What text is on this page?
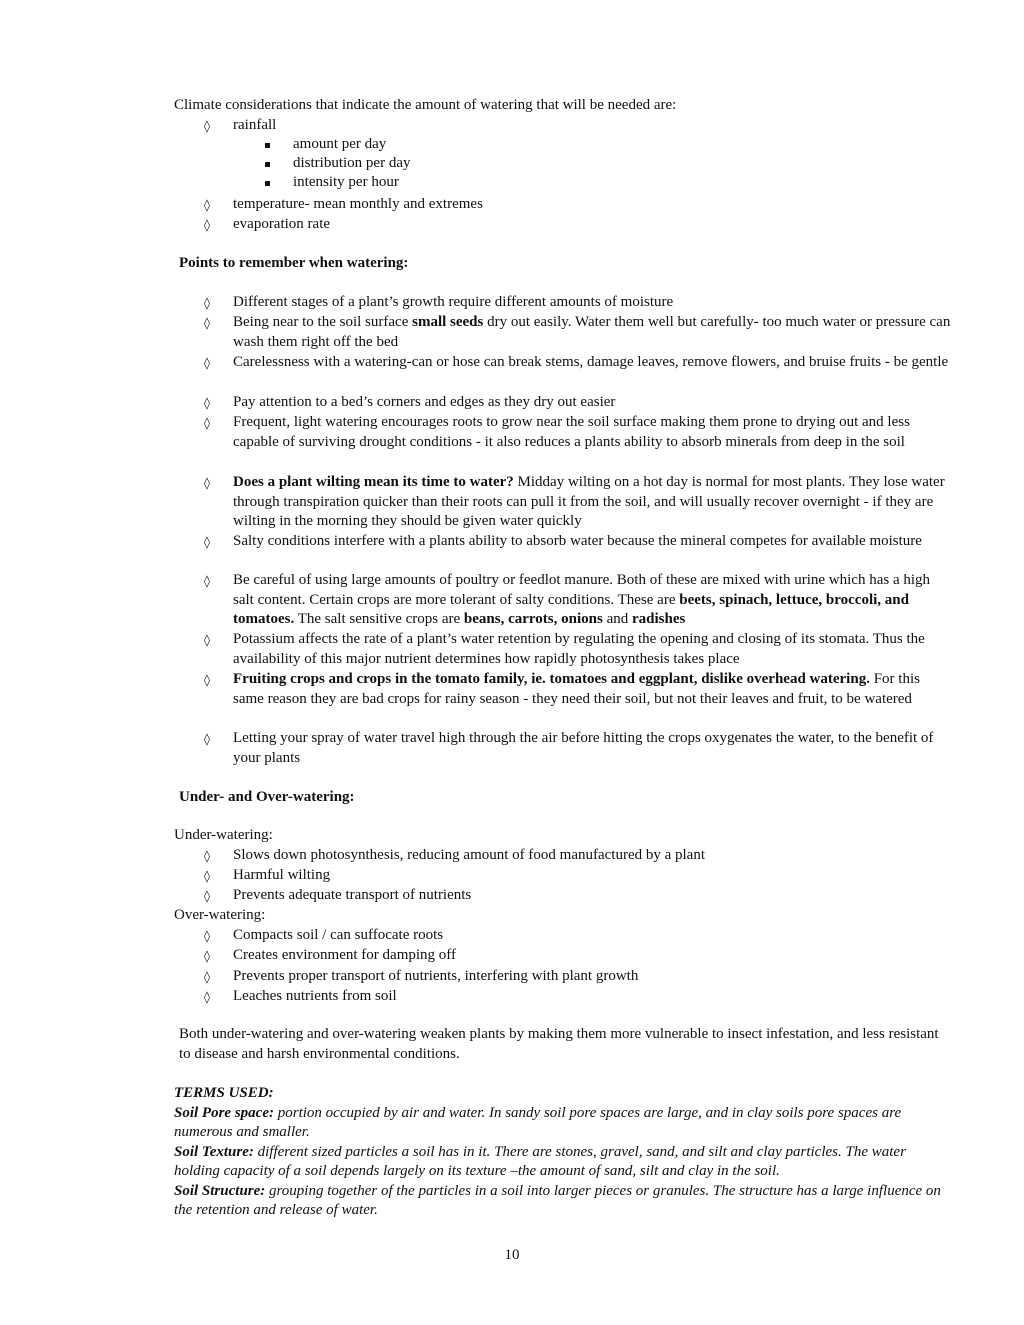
Climate considerations that indicate the amount of watering that will be needed are:
◊ rainfall
amount per day
distribution per day
intensity per hour
◊ temperature- mean monthly and extremes
◊ evaporation rate
Points to remember when watering:
◊ Different stages of a plant’s growth require different amounts of moisture
◊ Being near to the soil surface small seeds dry out easily. Water them well but carefully- too much water or pressure can wash them right off the bed
◊ Carelessness with a watering-can or hose can break stems, damage leaves, remove flowers, and bruise fruits - be gentle
◊ Pay attention to a bed’s corners and edges as they dry out easier
◊ Frequent, light watering encourages roots to grow near the soil surface making them prone to drying out and less capable of surviving drought conditions - it also reduces a plants ability to absorb minerals from deep in the soil
◊ Does a plant wilting mean its time to water? Midday wilting on a hot day is normal for most plants. They lose water through transpiration quicker than their roots can pull it from the soil, and will usually recover overnight - if they are wilting in the morning they should be given water quickly
◊ Salty conditions interfere with a plants ability to absorb water because the mineral competes for available moisture
◊ Be careful of using large amounts of poultry or feedlot manure. Both of these are mixed with urine which has a high salt content. Certain crops are more tolerant of salty conditions. These are beets, spinach, lettuce, broccoli, and tomatoes. The salt sensitive crops are beans, carrots, onions and radishes
◊ Potassium affects the rate of a plant’s water retention by regulating the opening and closing of its stomata. Thus the availability of this major nutrient determines how rapidly photosynthesis takes place
◊ Fruiting crops and crops in the tomato family, ie. tomatoes and eggplant, dislike overhead watering. For this same reason they are bad crops for rainy season - they need their soil, but not their leaves and fruit, to be watered
◊ Letting your spray of water travel high through the air before hitting the crops oxygenates the water, to the benefit of your plants
Under- and Over-watering:
Under-watering:
◊ Slows down photosynthesis, reducing amount of food manufactured by a plant
◊ Harmful wilting
◊ Prevents adequate transport of nutrients
Over-watering:
◊ Compacts soil / can suffocate roots
◊ Creates environment for damping off
◊ Prevents proper transport of nutrients, interfering with plant growth
◊ Leaches nutrients from soil
Both under-watering and over-watering weaken plants by making them more vulnerable to insect infestation, and less resistant to disease and harsh environmental conditions.
TERMS USED:
Soil Pore space: portion occupied by air and water. In sandy soil pore spaces are large, and in clay soils pore spaces are numerous and smaller.
Soil Texture: different sized particles a soil has in it. There are stones, gravel, sand, and silt and clay particles. The water holding capacity of a soil depends largely on its texture –the amount of sand, silt and clay in the soil.
Soil Structure: grouping together of the particles in a soil into larger pieces or granules. The structure has a large influence on the retention and release of water.
10
